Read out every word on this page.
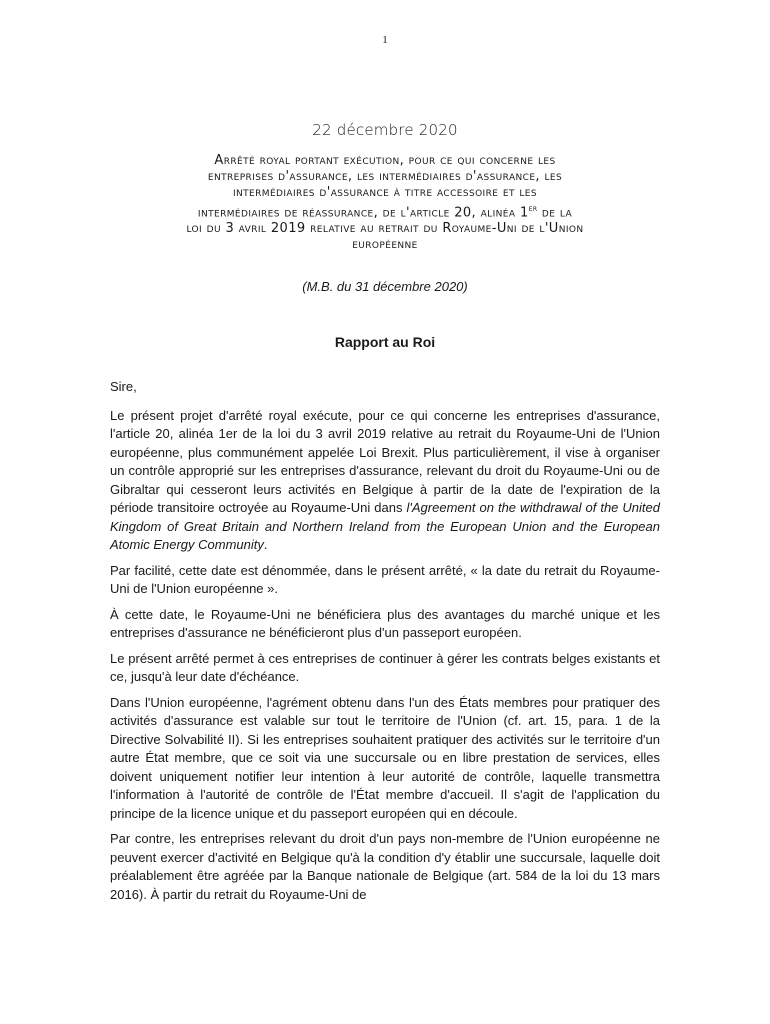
1
22 décembre 2020

Arrêté royal portant exécution, pour ce qui concerne les

entreprises d'assurance, les intermédiaires d'assurance, les

intermédiaires d'assurance à titre accessoire et les

intermédiaires de réassurance, de l'article 20, alinéa 1er de la

loi du 3 avril 2019 relative au retrait du Royaume-Uni de l'Union

européenne

(M.B. du 31 décembre 2020)
Rapport au Roi

Sire,

Le présent projet d'arrêté royal exécute, pour ce qui concerne les entreprises d'assurance, l'article 20, alinéa 1er de la loi du 3 avril 2019 relative au retrait du Royaume-Uni de l'Union européenne, plus communément appelée Loi Brexit. Plus particulièrement, il vise à organiser un contrôle approprié sur les entreprises d'assurance, relevant du droit du Royaume-Uni ou de Gibraltar qui cesseront leurs activités en Belgique à partir de la date de l'expiration de la période transitoire octroyée au Royaume-Uni dans l'Agreement on the withdrawal of the United Kingdom of Great Britain and Northern Ireland from the European Union and the European Atomic Energy Community.

Par facilité, cette date est dénommée, dans le présent arrêté, « la date du retrait du Royaume-Uni de l'Union européenne ».

À cette date, le Royaume-Uni ne bénéficiera plus des avantages du marché unique et les entreprises d'assurance ne bénéficieront plus d'un passeport européen.

Le présent arrêté permet à ces entreprises de continuer à gérer les contrats belges existants et ce, jusqu'à leur date d'échéance.

Dans l'Union européenne, l'agrément obtenu dans l'un des États membres pour pratiquer des activités d'assurance est valable sur tout le territoire de l'Union (cf. art. 15, para. 1 de la Directive Solvabilité II). Si les entreprises souhaitent pratiquer des activités sur le territoire d'un autre État membre, que ce soit via une succursale ou en libre prestation de services, elles doivent uniquement notifier leur intention à leur autorité de contrôle, laquelle transmettra l'information à l'autorité de contrôle de l'État membre d'accueil. Il s'agit de l'application du principe de la licence unique et du passeport européen qui en découle.

Par contre, les entreprises relevant du droit d'un pays non-membre de l'Union européenne ne peuvent exercer d'activité en Belgique qu'à la condition d'y établir une succursale, laquelle doit préalablement être agréée par la Banque nationale de Belgique (art. 584 de la loi du 13 mars 2016). À partir du retrait du Royaume-Uni de
